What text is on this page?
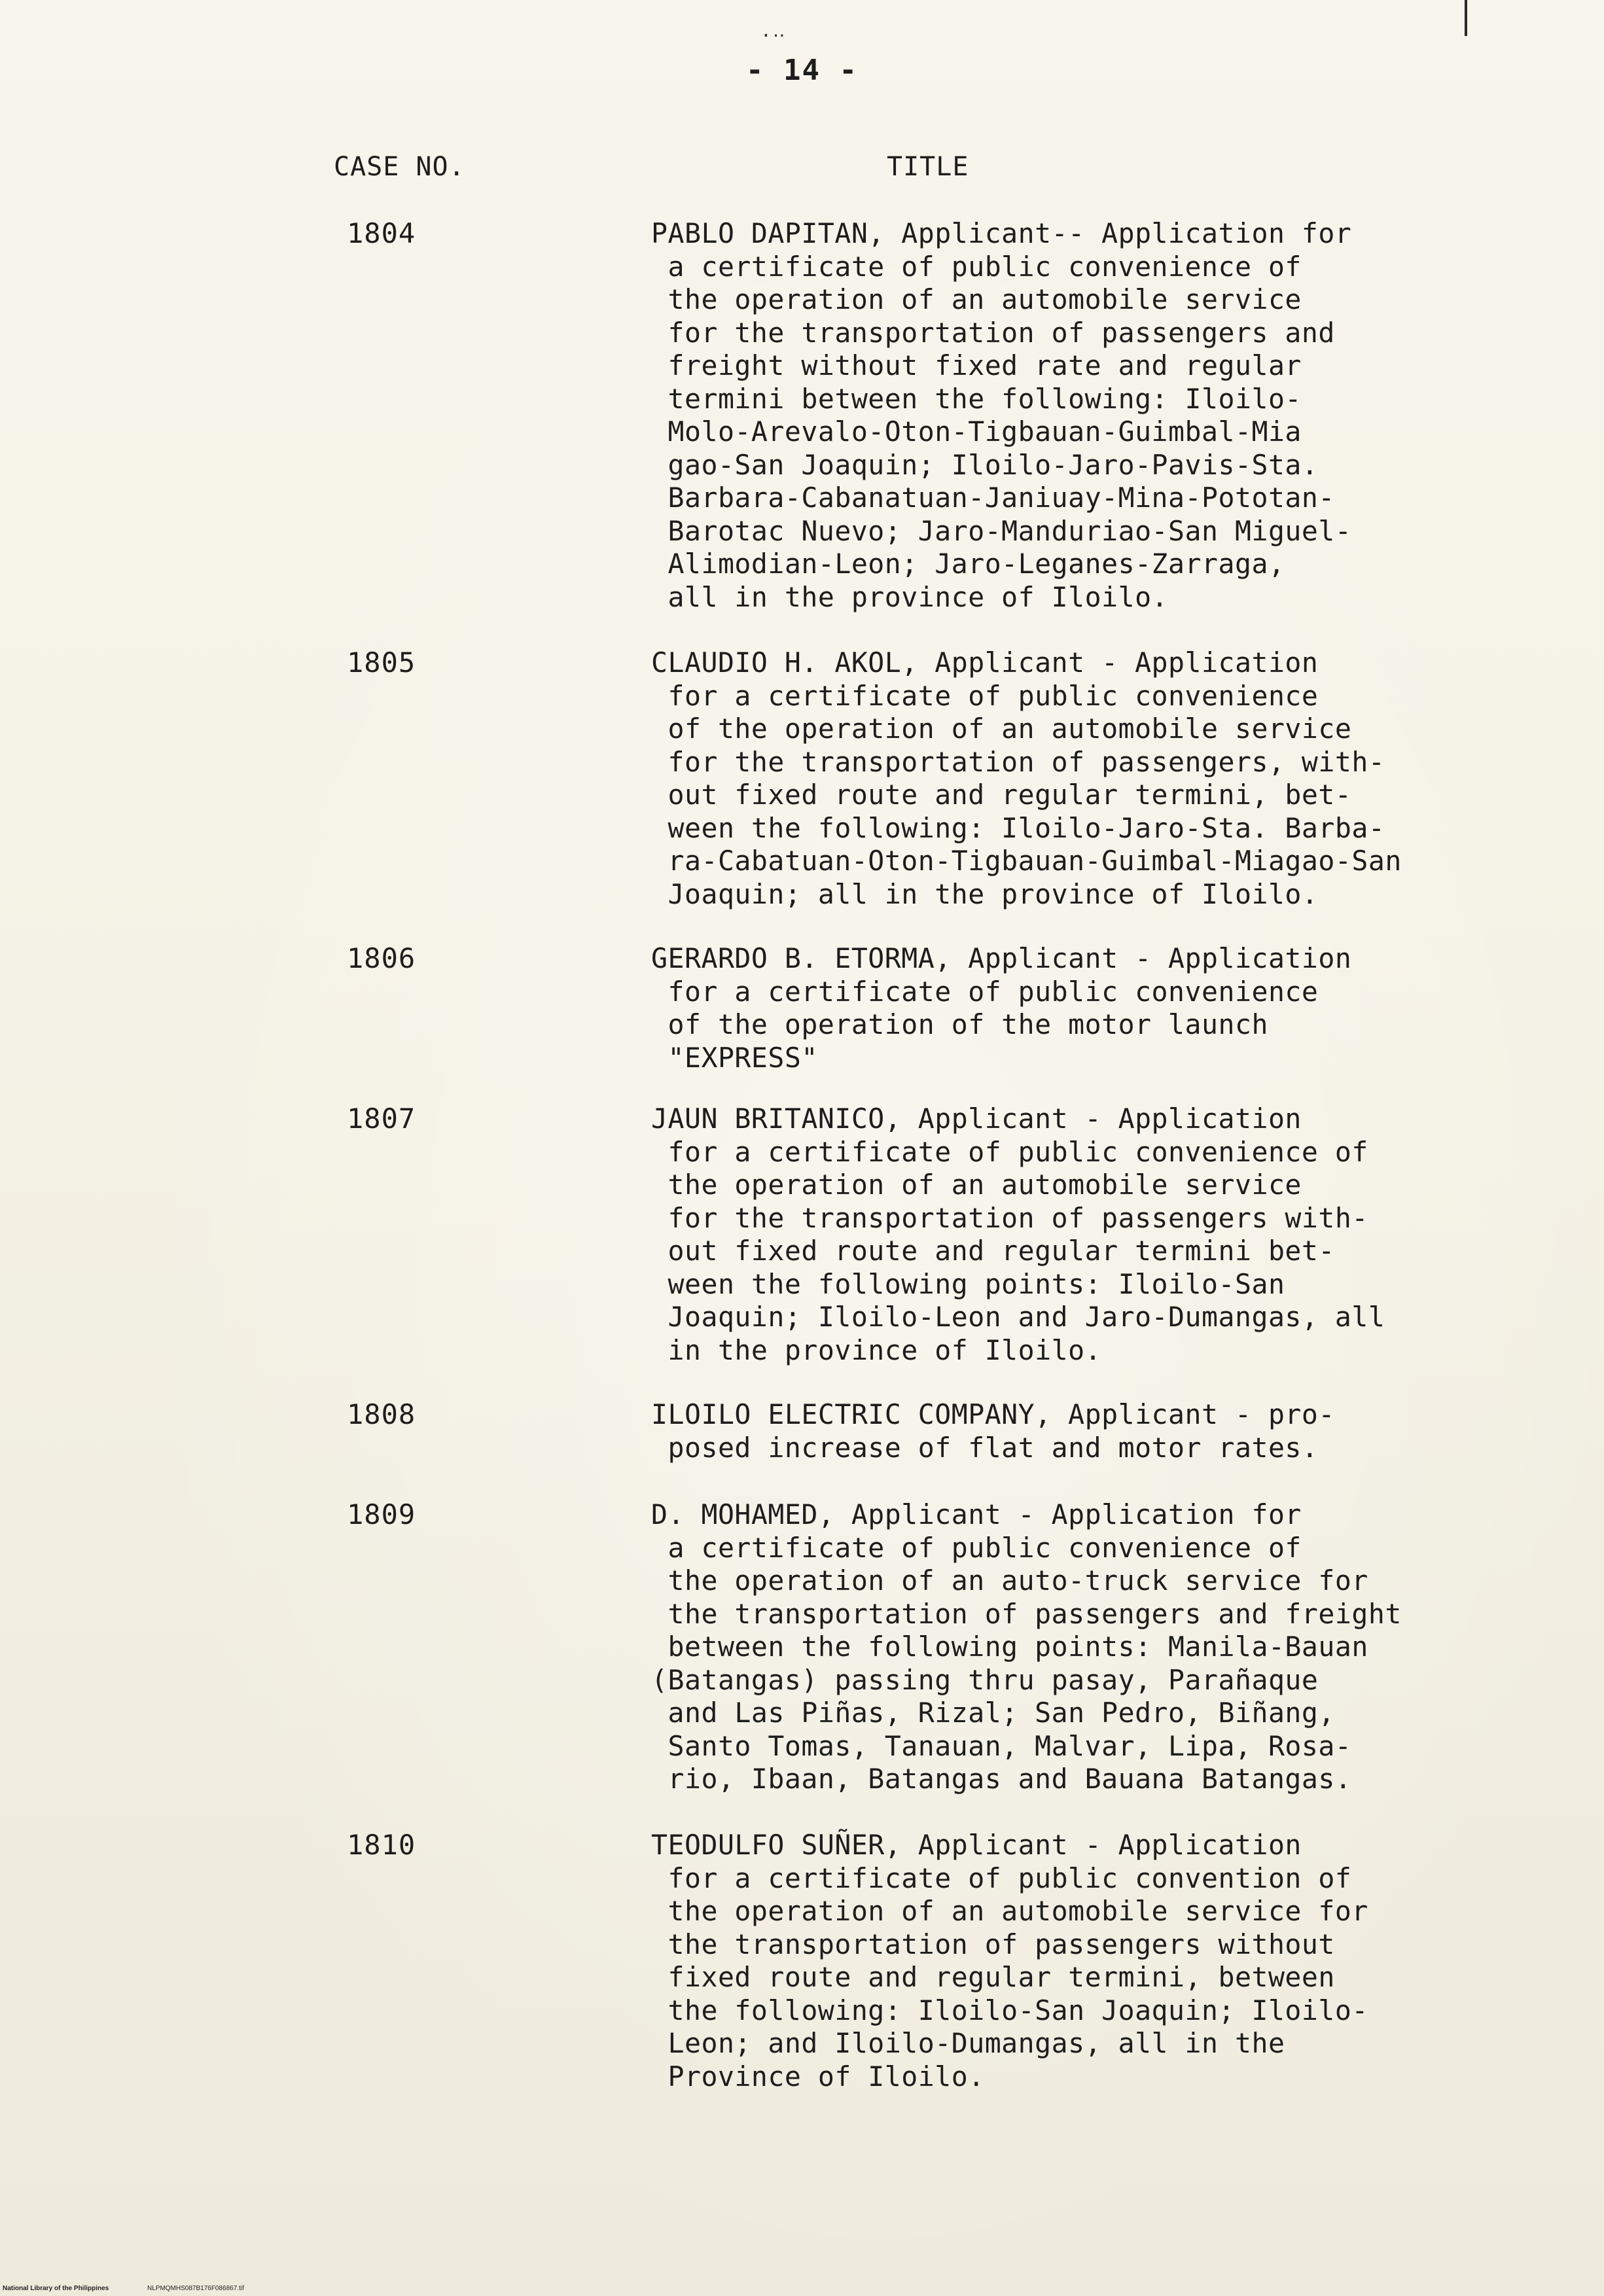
.‥
- 14 -
CASE NO.	TITLE
1804	PABLO DAPITAN, Applicant-- Application for
a certificate of public convenience of
the operation of an automobile service
for the transportation of passengers and
freight without fixed rate and regular
termini between the following: Iloilo-
Molo-Arevalo-Oton-Tigbauan-Guimbal-Mia
gao-San Joaquin; Iloilo-Jaro-Pavis-Sta.
Barbara-Cabanatuan-Janiuay-Mina-Pototan-
Barotac Nuevo; Jaro-Manduriao-San Miguel-
Alimodian-Leon; Jaro-Leganes-Zarraga,
all in the province of Iloilo.
1805	CLAUDIO H. AKOL, Applicant - Application
for a certificate of public convenience
of the operation of an automobile service
for the transportation of passengers, with-
out fixed route and regular termini, bet-
ween the following: Iloilo-Jaro-Sta. Barba-
ra-Cabatuan-Oton-Tigbauan-Guimbal-Miagao-San
Joaquin; all in the province of Iloilo.
1806	GERARDO B. ETORMA, Applicant - Application
for a certificate of public convenience
of the operation of the motor launch
"EXPRESS"
1807	JAUN BRITANICO, Applicant - Application
for a certificate of public convenience of
the operation of an automobile service
for the transportation of passengers with-
out fixed route and regular termini bet-
ween the following points: Iloilo-San
Joaquin; Iloilo-Leon and Jaro-Dumangas, all
in the province of Iloilo.
1808	ILOILO ELECTRIC COMPANY, Applicant - pro-
posed increase of flat and motor rates.
1809	D. MOHAMED, Applicant - Application for
a certificate of public convenience of
the operation of an auto-truck service for
the transportation of passengers and freight
between the following points: Manila-Bauan
(Batangas) passing thru pasay, Parañaque
and Las Piñas, Rizal; San Pedro, Biñang,
Santo Tomas, Tanauan, Malvar, Lipa, Rosa-
rio, Ibaan, Batangas and Bauana Batangas.
1810	TEODULFO SUÑER, Applicant - Application
for a certificate of public convention of
the operation of an automobile service for
the transportation of passengers without
fixed route and regular termini, between
the following: Iloilo-San Joaquin; Iloilo-
Leon; and Iloilo-Dumangas, all in the
Province of Iloilo.
National Library of the Philippines	NLPMQMHS087B176F086867.tif
